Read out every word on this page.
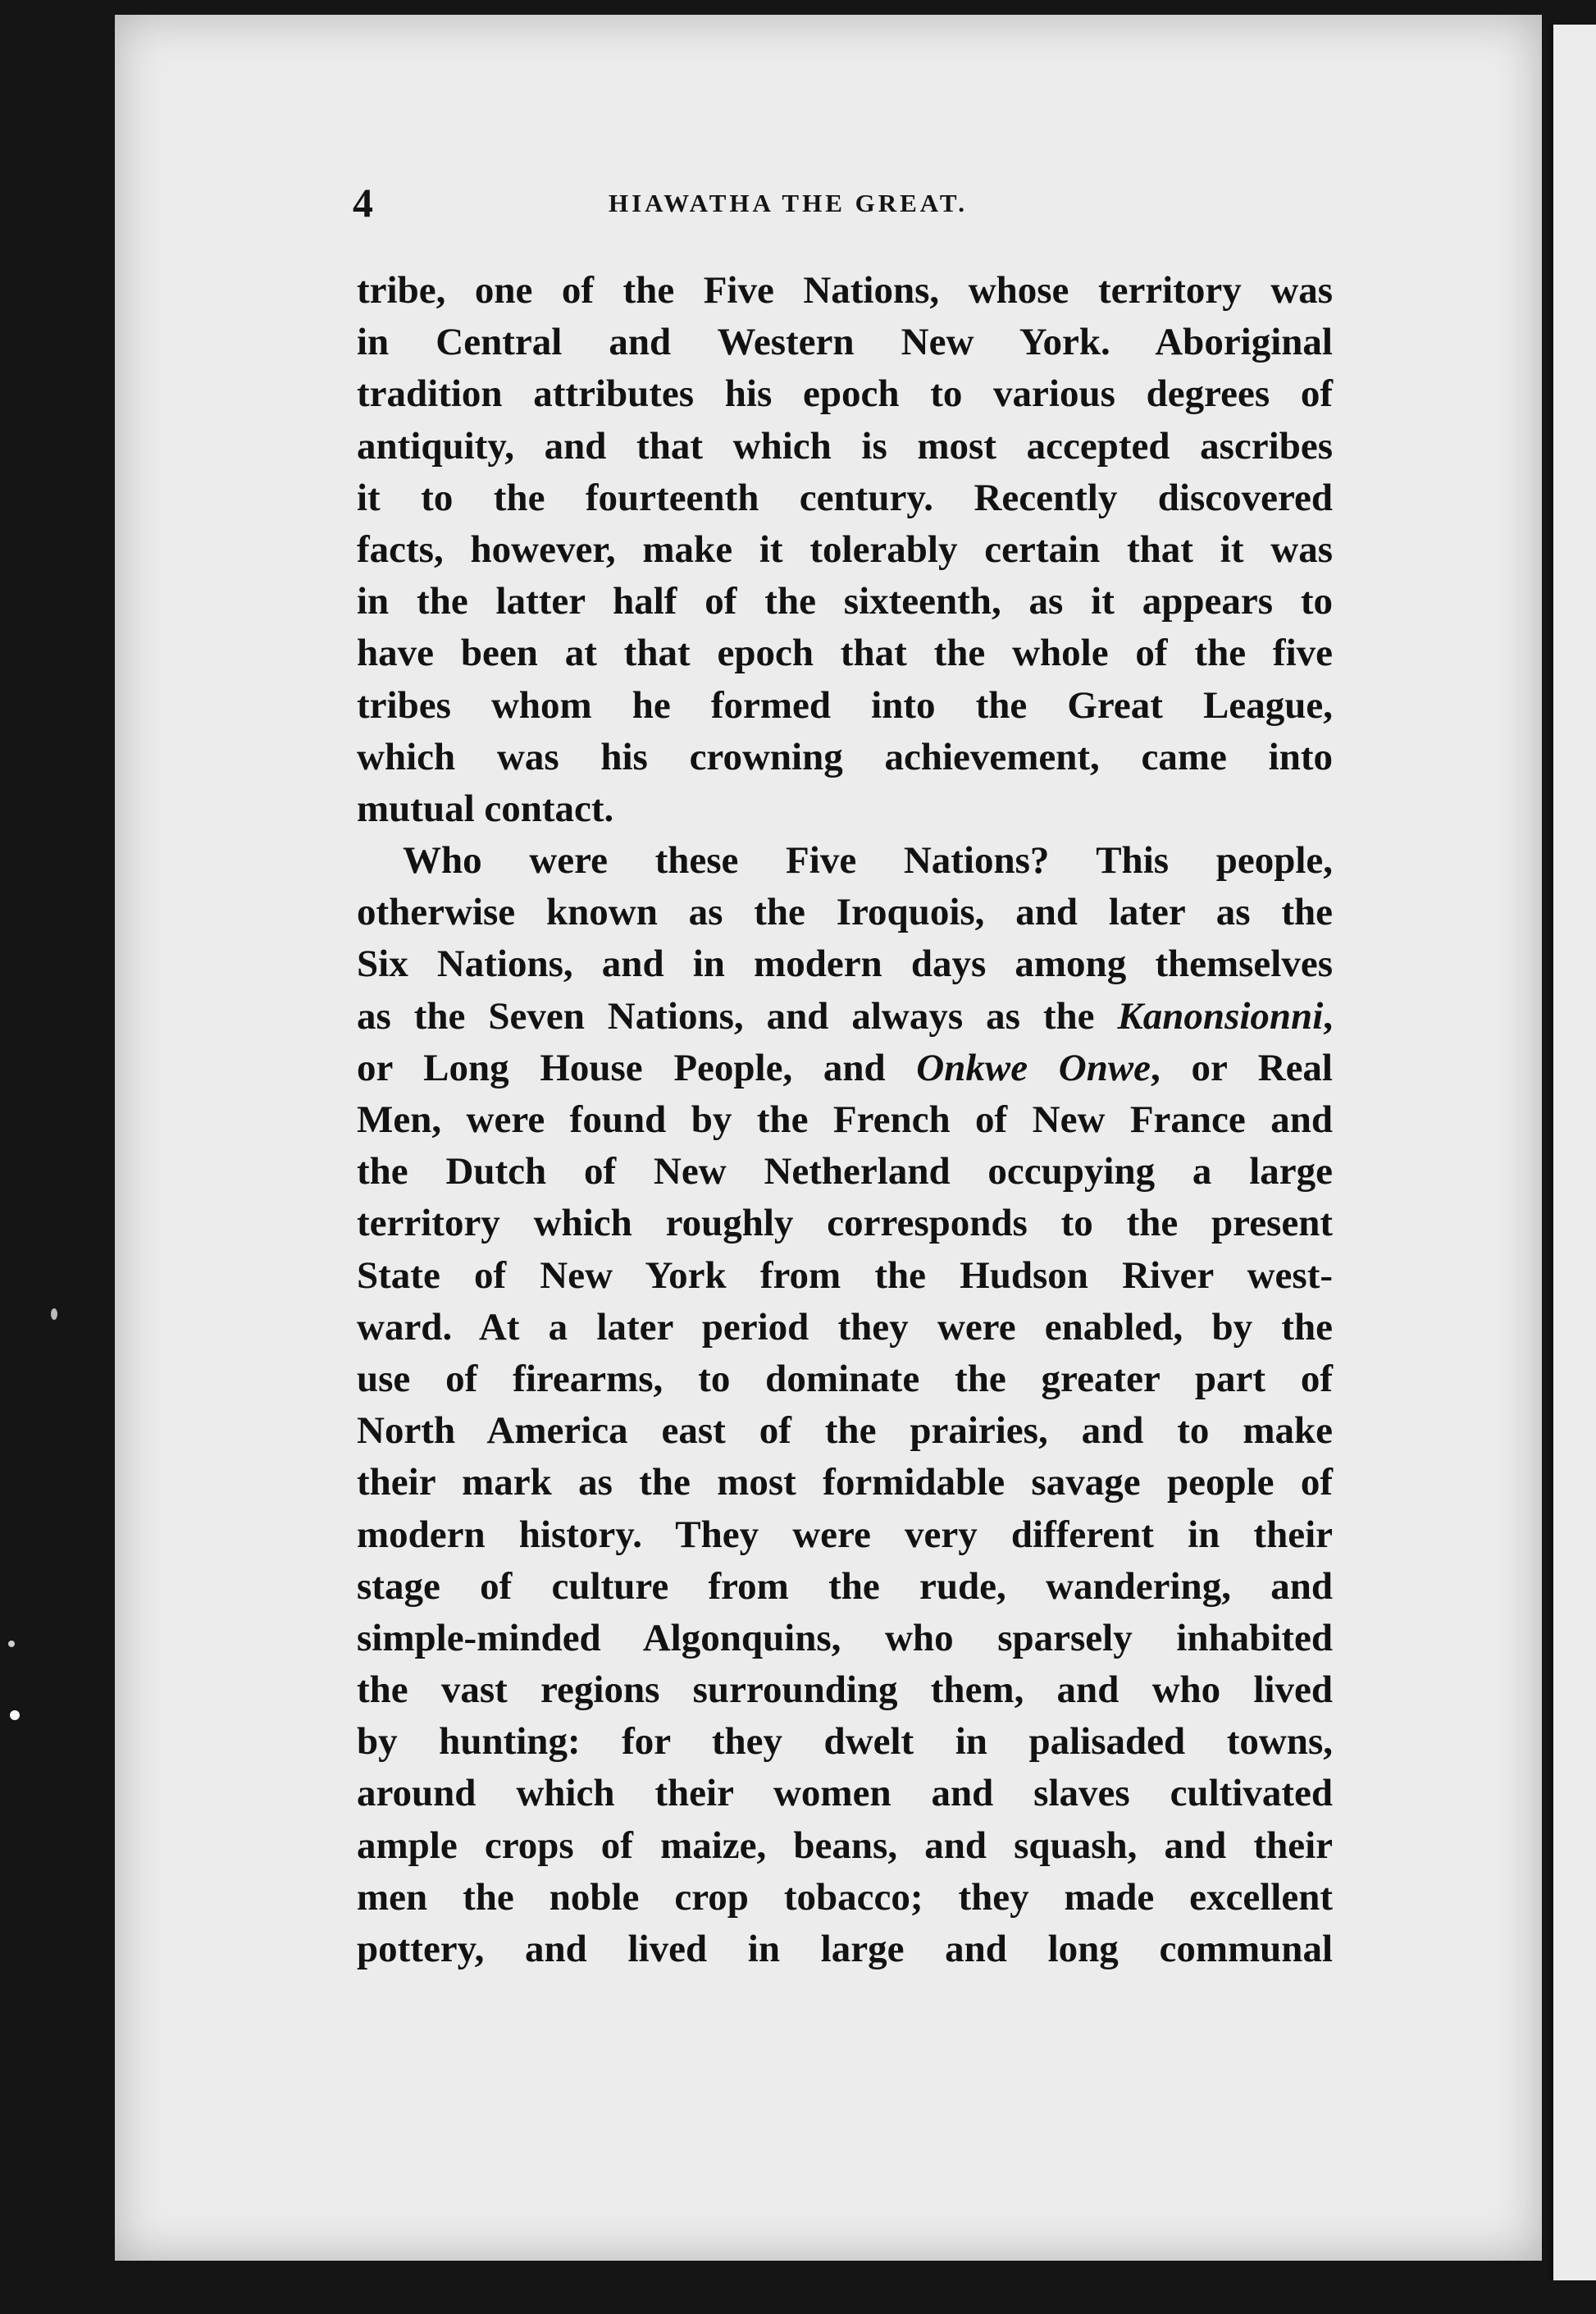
4	HIAWATHA THE GREAT.
tribe, one of the Five Nations, whose territory was
in Central and Western New York. Aboriginal
tradition attributes his epoch to various degrees of
antiquity, and that which is most accepted ascribes
it to the fourteenth century. Recently discovered
facts, however, make it tolerably certain that it was
in the latter half of the sixteenth, as it appears to
have been at that epoch that the whole of the five
tribes whom he formed into the Great League,
which was his crowning achievement, came into
mutual contact.
Who were these Five Nations? This people,
otherwise known as the Iroquois, and later as the
Six Nations, and in modern days among themselves
as the Seven Nations, and always as the Kanonsionni,
or Long House People, and Onkwe Onwe, or Real
Men, were found by the French of New France and
the Dutch of New Netherland occupying a large
territory which roughly corresponds to the present
State of New York from the Hudson River west-
ward. At a later period they were enabled, by the
use of firearms, to dominate the greater part of
North America east of the prairies, and to make
their mark as the most formidable savage people of
modern history. They were very different in their
stage of culture from the rude, wandering, and
simple-minded Algonquins, who sparsely inhabited
the vast regions surrounding them, and who lived
by hunting: for they dwelt in palisaded towns,
around which their women and slaves cultivated
ample crops of maize, beans, and squash, and their
men the noble crop tobacco; they made excellent
pottery, and lived in large and long communal
